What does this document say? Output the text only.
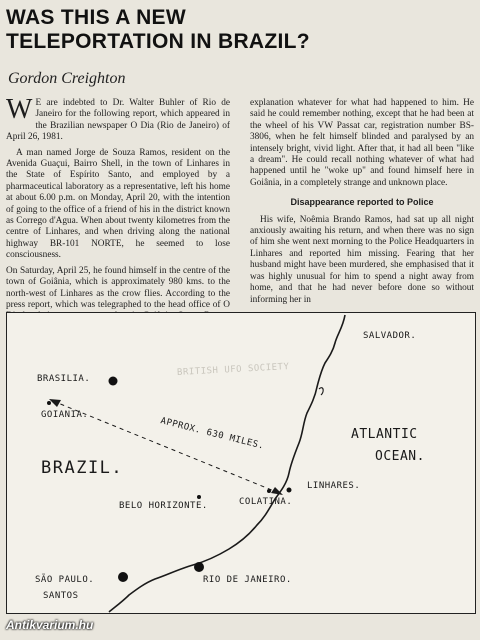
WAS THIS A NEW
TELEPORTATION IN BRAZIL?
Gordon Creighton

W E are indebted to Dr. Walter Buhler of Rio de Janeiro for the following report, which appeared in the Brazilian newspaper O Dia (Rio de Janeiro) of April 26, 1981.

A man named Jorge de Souza Ramos, resident on the Avenida Guaçui, Bairro Shell, in the town of Linhares in the State of Espírito Santo, and employed by a pharmaceutical laboratory as a representative, left his home at about 6.00 p.m. on Monday, April 20, with the intention of going to the office of a friend of his in the district known as Corrego d'Agua. When about twenty kilometres from the centre of Linhares, and when driving along the national highway BR-101 NORTE, he seemed to lose consciousness.

On Saturday, April 25, he found himself in the centre of the town of Goiânia, which is approximately 980 kms. to the north-west of Linhares as the crow flies. According to the press report, which was telegraphed to the head office of O

explanation whatever for what had happened to him. He said he could remember nothing, except that he had been at the wheel of his VW Passat car, registration number BS-3806, when he felt himself blinded and paralysed by an intensely bright, vivid light. After that, it had all been "like a dream". He could recall nothing whatever of what had happened until he "woke up" and found himself here in Goiânia, in a completely strange and unknown place.

Disappearance reported to Police

His wife, Noêmia Brando Ramos, had sat up all night anxiously awaiting his return, and when there was no sign of him she went next morning to the Police Headquarters in Linhares and reported him missing. Fearing that her husband might have been murdered, she emphasised that it was highly unusual for him to spend a night away from home, and that he had never before done so without informing her in

SALVADOR.
BRITISH UFO SOCIETY
BRASILIA.
GOIANIA.
APPROX. 630 MILES.	ATLANTIC
OCEAN.
BRAZIL.
LINHARES.
COLATINA.
BELO HORIZONTE.
RIO DE JANEIRO.
SÃO PAULO.
SANTOS
Antikvarium.hu
